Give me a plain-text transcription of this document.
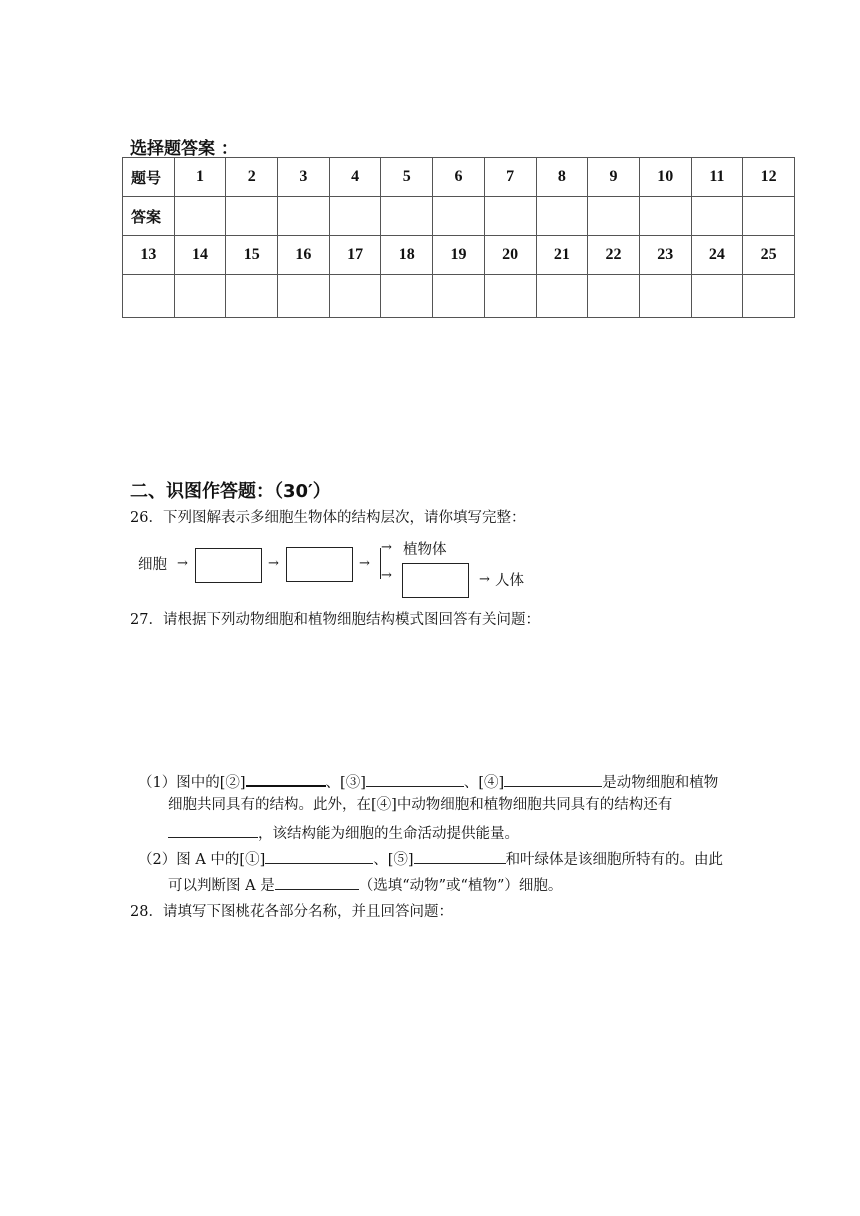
选择题答案 ：
题号	1	2	3	4	5	6	7	8	9	10	11	12
答案												
13	14	15	16	17	18	19	20	21	22	23	24	25

二、识图作答题：（30′）
26．下列图解表示多细胞生物体的结构层次，请你填写完整：
细胞 →	→	→
→
→
植物体
→ 人体
27．请根据下列动物细胞和植物细胞结构模式图回答有关问题：
（1）图中的[②]	、[③]	、[④]	是动物细胞和植物
细胞共同具有的结构。此外，在[④]中动物细胞和植物细胞共同具有的结构还有
，该结构能为细胞的生命活动提供能量。
（2）图 A 中的[①]	、[⑤]	和叶绿体是该细胞所特有的。由此
可以判断图 A 是	（选填“动物”或“植物”）细胞。
28．请填写下图桃花各部分名称，并且回答问题：
